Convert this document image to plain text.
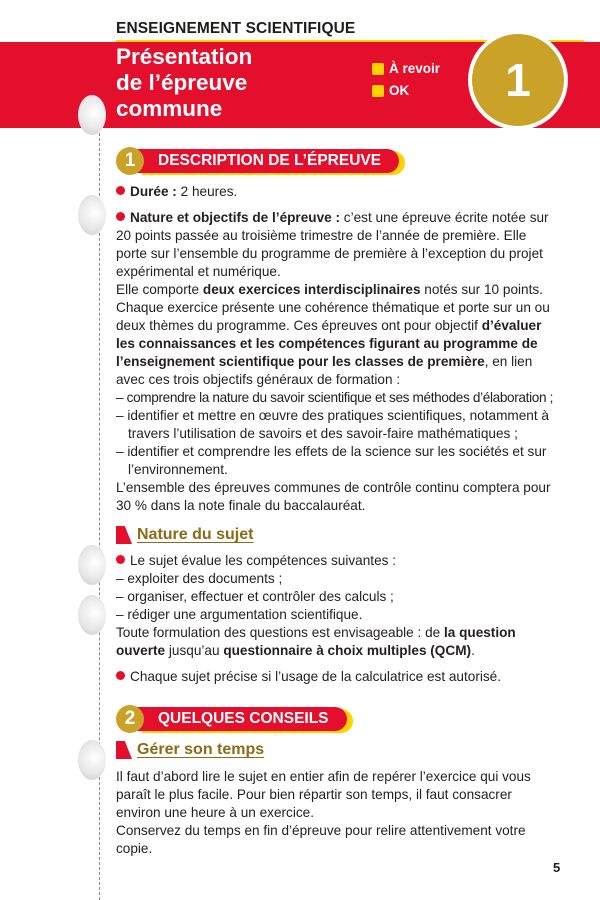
ENSEIGNEMENT SCIENTIFIQUE
Présentation
de l’épreuve
commune
À revoir
OK	1
1	DESCRIPTION DE L’ÉPREUVE

Durée : 2 heures.

Nature et objectifs de l’épreuve : c’est une épreuve écrite notée sur 20 points passée au troisième trimestre de l’année de première. Elle porte sur l’ensemble du programme de première à l’exception du projet expérimental et numérique.

Elle comporte deux exercices interdisciplinaires notés sur 10 points.

Chaque exercice présente une cohérence thématique et porte sur un ou deux thèmes du programme. Ces épreuves ont pour objectif d’évaluer les connaissances et les compétences figurant au programme de l’enseignement scientifique pour les classes de première, en lien avec ces trois objectifs généraux de formation :

– comprendre la nature du savoir scientifique et ses méthodes d’élaboration ;

– identifier et mettre en œuvre des pratiques scientifiques, notamment à travers l’utilisation de savoirs et des savoir-faire mathématiques ;

– identifier et comprendre les effets de la science sur les sociétés et sur l’environnement.

L’ensemble des épreuves communes de contrôle continu comptera pour 30 % dans la note finale du baccalauréat.

Nature du sujet

Le sujet évalue les compétences suivantes :

– exploiter des documents ;

– organiser, effectuer et contrôler des calculs ;

– rédiger une argumentation scientifique.

Toute formulation des questions est envisageable : de la question ouverte jusqu’au questionnaire à choix multiples (QCM).

Chaque sujet précise si l’usage de la calculatrice est autorisé.

2	QUELQUES CONSEILS
Gérer son temps

Il faut d’abord lire le sujet en entier afin de repérer l’exercice qui vous paraît le plus facile. Pour bien répartir son temps, il faut consacrer environ une heure à un exercice.

Conservez du temps en fin d’épreuve pour relire attentivement votre copie.

5
